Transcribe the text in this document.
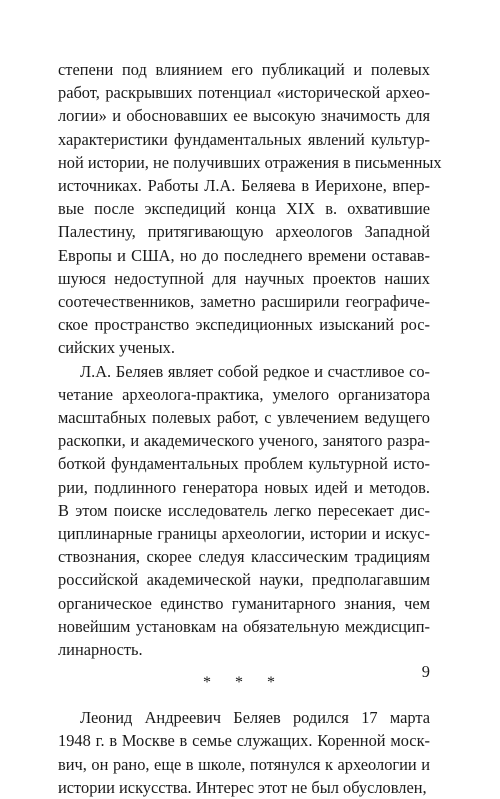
степени под влиянием его публикаций и полевых
работ, раскрывших потенциал «исторической архео-
логии» и обосновавших ее высокую значимость для
характеристики фундаментальных явлений культур-
ной истории, не получивших отражения в письменных
источниках. Работы Л.А. Беляева в Иерихоне, впер-
вые после экспедиций конца XIX в. охватившие
Палестину, притягивающую археологов Западной
Европы и США, но до последнего времени оставав-
шуюся недоступной для научных проектов наших
соотечественников, заметно расширили географиче-
ское пространство экспедиционных изысканий рос-
сийских ученых.

Л.А. Беляев являет собой редкое и счастливое со-
четание археолога-практика, умелого организатора
масштабных полевых работ, с увлечением ведущего
раскопки, и академического ученого, занятого разра-
боткой фундаментальных проблем культурной исто-
рии, подлинного генератора новых идей и методов.
В этом поиске исследователь легко пересекает дис-
циплинарные границы археологии, истории и искус-
ствознания, скорее следуя классическим традициям
российской академической науки, предполагавшим
органическое единство гуманитарного знания, чем
новейшим установкам на обязательную междисцип-
линарность.

* * *

Леонид Андреевич Беляев родился 17 марта
1948 г. в Москве в семье служащих. Коренной моск-
вич, он рано, еще в школе, потянулся к археологии и
истории искусства. Интерес этот не был обусловлен,

9
